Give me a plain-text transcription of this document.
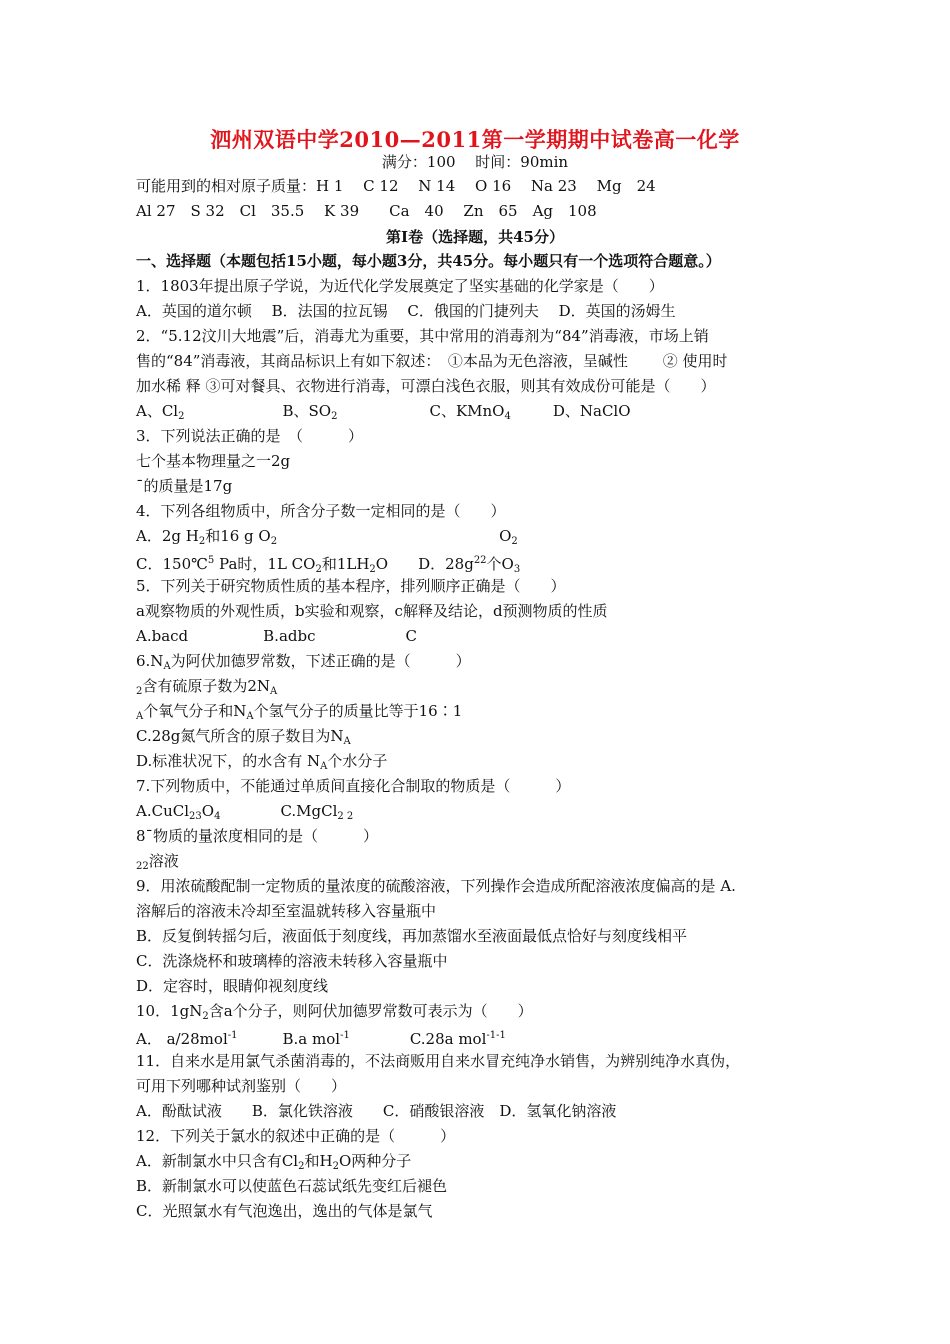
泗州双语中学2010—2011第一学期期中试卷高一化学
满分：100　 时间：90min
可能用到的相对原子质量：H 1　 C 12　 N 14　 O 16　 Na 23　 Mg　24
Al 27　S 32　Cl　35.5　 K 39　　Ca　40　 Zn　65　Ag　108
第Ⅰ卷（选择题，共45分）
一、选择题（本题包括15小题，每小题3分，共45分。每小题只有一个选项符合题意。）
1．1803年提出原子学说，为近代化学发展奠定了坚实基础的化学家是（　　）
A．英国的道尔顿　 B．法国的拉瓦锡　 C．俄国的门捷列夫　 D．英国的汤姆生
2．“5.12汶川大地震”后，消毒尤为重要，其中常用的消毒剂为“84”消毒液，市场上销
售的“84”消毒液，其商品标识上有如下叙述：　①本品为无色溶液，呈碱性　　 ② 使用时
加水稀 释 ③可对餐具、衣物进行消毒，可漂白浅色衣服，则其有效成份可能是（　　）
A、$Cl_2$	B、$SO_2$	C、KMnO$_4$	D、NaClO
3．下列说法正确的是　（　　　）
七个基本物理量之一2g
ˉ的质量是17g
4．下列各组物质中，所含分子数一定相同的是（　　）
A．2g $H_2$和16 g $O_2$	$O_2$
C．150℃$^5$ Pa时，1L $CO_2$和$1LH_2O$　　D．$28g^{22}$个$O_3$
5．下列关于研究物质性质的基本程序，排列顺序正确是（　　）
a观察物质的外观性质，b实验和观察，c解释及结论，d预测物质的性质
A.bacd　　　　　B.adbc　　　　　　C
$6.N_A$为阿伏加德罗常数，下述正确的是（　　　）
$_2$含有硫原子数为$2N_A$
$_A$个氧气分子和$N_A$个氢气分子的质量比等于16∶1
C.28g氮气所含的原子数目为$N_A$
D.标准状况下，的水含有 $N_A$个水分子
7.下列物质中，不能通过单质间直接化合制取的物质是（　　　）
$A.CuCl_{23}O_4$　　　　C.MgCl$_{2 2}$
8ˉ物质的量浓度相同的是（　　　）
$_{22}$溶液
9．用浓硫酸配制一定物质的量浓度的硫酸溶液，下列操作会造成所配溶液浓度偏高的是 A.
溶解后的溶液未冷却至室温就转移入容量瓶中
B．反复倒转摇匀后，液面低于刻度线，再加蒸馏水至液面最低点恰好与刻度线相平
C．洗涤烧杯和玻璃棒的溶液未转移入容量瓶中
D．定容时，眼睛仰视刻度线
10．$1gN_2$含a个分子，则阿伏加德罗常数可表示为（　　）
A． a/28mol$^{-1}$　　　B.a mol$^{-1}$　　　　C.28a mol$^{-1-1}$
11．自来水是用氯气杀菌消毒的，不法商贩用自来水冒充纯净水销售，为辨别纯净水真伪，
可用下列哪种试剂鉴别（　　）
A．酚酞试液　　B．氯化铁溶液　　C．硝酸银溶液　D．氢氧化钠溶液
12．下列关于氯水的叙述中正确的是（　　　）
A．新制氯水中只含有$Cl_2$和$H_2O$两种分子
B．新制氯水可以使蓝色石蕊试纸先变红后褪色
C．光照氯水有气泡逸出，逸出的气体是氯气
